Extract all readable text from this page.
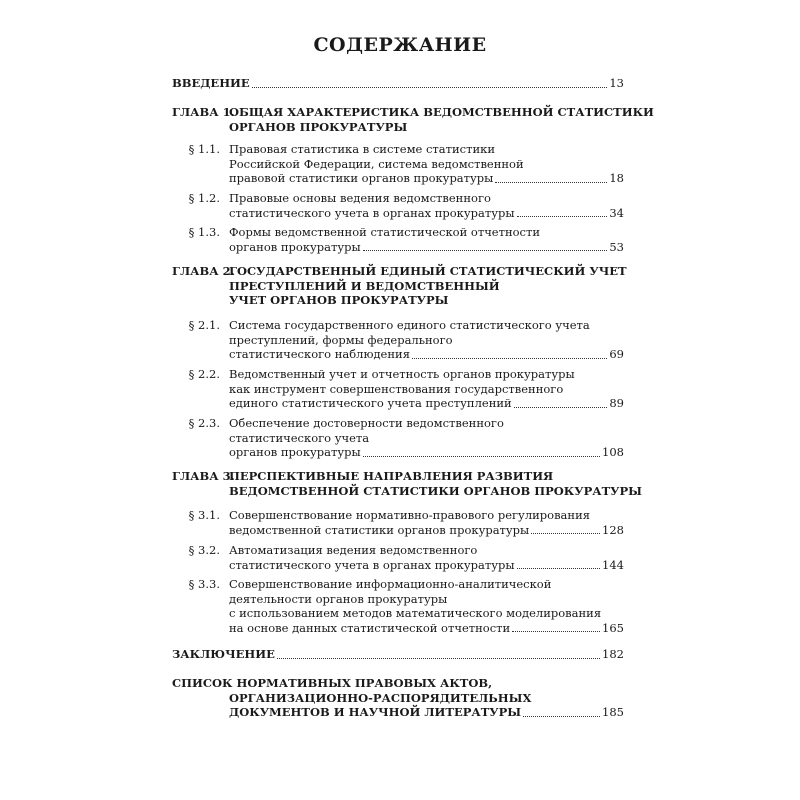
СОДЕРЖАНИЕ
ВВЕДЕНИЕ	13
ГЛАВА 1.
ОБЩАЯ ХАРАКТЕРИСТИКА ВЕДОМСТВЕННОЙ СТАТИСТИКИ
ОРГАНОВ ПРОКУРАТУРЫ
§ 1.1. Правовая статистика в системе статистики
Российской Федерации, система ведомственной
правовой статистики органов прокуратуры	18
§ 1.2. Правовые основы ведения ведомственного
статистического учета в органах прокуратуры	34
§ 1.3. Формы ведомственной статистической отчетности
органов прокуратуры	53
ГЛАВА 2.
ГОСУДАРСТВЕННЫЙ ЕДИНЫЙ СТАТИСТИЧЕСКИЙ УЧЕТ
ПРЕСТУПЛЕНИЙ И ВЕДОМСТВЕННЫЙ
УЧЕТ ОРГАНОВ ПРОКУРАТУРЫ
§ 2.1. Система государственного единого статистического учета
преступлений, формы федерального
статистического наблюдения	69
§ 2.2. Ведомственный учет и отчетность органов прокуратуры
как инструмент совершенствования государственного
единого статистического учета преступлений	89
§ 2.3. Обеспечение достоверности ведомственного
статистического учета
органов прокуратуры	108
ГЛАВА 3.
ПЕРСПЕКТИВНЫЕ НАПРАВЛЕНИЯ РАЗВИТИЯ
ВЕДОМСТВЕННОЙ СТАТИСТИКИ ОРГАНОВ ПРОКУРАТУРЫ
§ 3.1. Совершенствование нормативно-правового регулирования
ведомственной статистики органов прокуратуры	128
§ 3.2. Автоматизация ведения ведомственного
статистического учета в органах прокуратуры	144
§ 3.3. Совершенствование информационно-аналитической
деятельности органов прокуратуры
с использованием методов математического моделирования
на основе данных статистической отчетности	165
ЗАКЛЮЧЕНИЕ	182
СПИСОК НОРМАТИВНЫХ ПРАВОВЫХ АКТОВ,
ОРГАНИЗАЦИОННО-РАСПОРЯДИТЕЛЬНЫХ
ДОКУМЕНТОВ И НАУЧНОЙ ЛИТЕРАТУРЫ	185
